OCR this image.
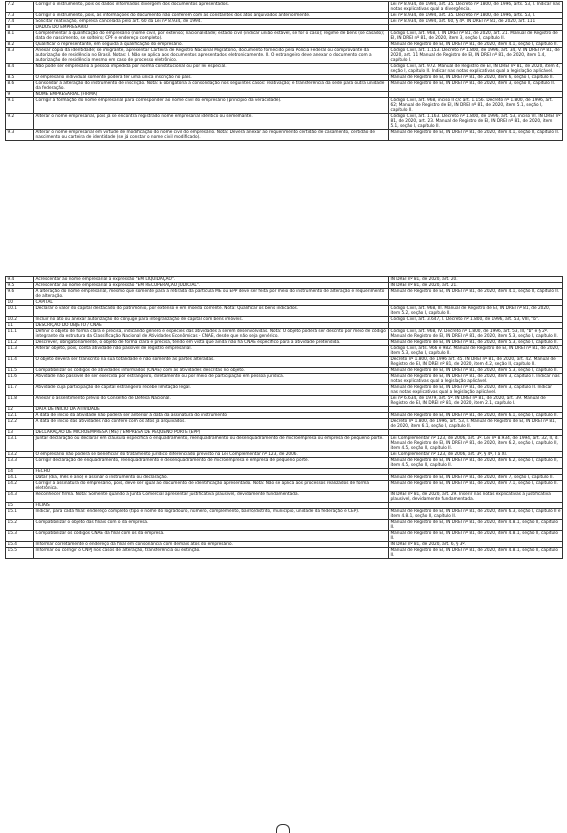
7.2	Corrigir o instrumento, pois os dados informados divergem dos documentos apresentados.	Lei nº 8.934, de 1994, art. 35. Decreto nº 1800, de 1996, arts. 53, I. Indicar nas notas explicativas qual a divergência.
7.3	Corrigir o instrumento, pois, as informações do documento não conferem com as constantes dos atos arquivados anteriormente.	Lei nº 8.934, de 1994, art. 35. Decreto nº 1800, de 1996, arts. 53, I.
7.4	Solicitar reativação, empresa cancelada pelo art. 60 da Lei nº 8.934, de 1994.	Lei nº 8.934, de 1994, art. 60, § 4º. IN DREI nº 81, de 2020, art. 111
8	DADOS DO EMPRESÁRIO	
8.1	Complementar a qualificação do empresário (nome civil, por extenso; nacionalidade; estado civil (indicar união estável, se for o caso); regime de bens (se casado); data de nascimento, se solteiro; CPF e endereço completo).	Código Civil, art. 968, I. IN DREI nº 81, de 2020, art. 21. Manual de Registro de EI, IN DREI nº 81, de 2020, item 3, seção I, capítulo II.
8.2	Qualificar o representante, em seguida à qualificação do empresário.	Manual de Registro de EI, IN DREI nº 81, de 2020, item 4.1, seção I, capítulo II.
8.3	Anexar cópia da identidade; se imigrante, apresentar Carteira de Registro Nacional Migratório, documento fornecido pela Polícia Federal ou comprovante da autorização de residência no Brasil. Notas: I. Não se aplica aos documentos apresentados eletronicamente. II. O estrangeiro deve anexar o documento com a autorização de residência mesmo em caso de processo eletrônico.	Código Civil, art. 1.153. Decreto nº 1.800, de 1996, art. 34, V. IN DREI nº 81, de 2020, art. 11 Manual de Registro de EI, IN DREI nº 81, de 2020, item 1.4, capítulo I.
8.4	Não pode ser empresário a pessoa impedida por norma constitucional ou por lei especial.	Código Civil, art. 972. Manual de Registro de EI, IN DREI nº 81, de 2020, item 4, seção I, capítulo II. Indicar nas notas explicativas qual a legislação aplicável.
8.5	O empresário individual somente poderá ter uma única inscrição no país.	Manual de Registro de EI, IN DREI nº 81, de 2020, item 6, seção I, capítulo II.
8.6	Consolidar a alteração do instrumento de inscrição. Nota: É obrigatória a consolidação nos seguintes casos: reativação; e transferência da sede para outra unidade da federação.	Manual de Registro de EI, IN DREI nº 81, de 2020, item 3, seção II, capítulo II.
9	NOME EMPRESARIAL (FIRMA)	
9.1	Corrigir a formação do nome empresarial para corresponder ao nome civil do empresário (princípio da veracidade).	Código Civil, art. 968, inciso II c/c art. 1.156. Decreto nº 1.800, de 1996, art. 62; Manual de Registro de EI, IN DREI nº 81, de 2020, item 5.1, seção I, capítulo II.
9.2	Alterar o nome empresarial, pois já se encontra registrado nome empresarial idêntico ou semelhante.	Código Civil, art. 1.163. Decreto nº 1.800, de 1996, art. 53, inciso VI. IN DREI nº 81, de 2020, art. 23. Manual de Registro de EI, IN DREI nº 81, de 2020, item 5.1, seção I, capítulo II.
9.3	Alterar o nome empresarial em virtude de modificação do nome civil do empresário. Nota: Deverá anexar ao requerimento certidão de casamento, certidão de nascimento ou carteira de identidade (se já constar o nome civil modificado).	Manual de Registro de EI, IN DREI nº 81, de 2020, item 4.1, seção II, capítulo II.
9.4	Acrescentar ao nome empresarial a expressão "EM LIQUIDAÇÃO".	IN DREI nº 81, de 2020, art. 20.
9.5	Acrescentar ao nome empresarial a expressão "EM RECUPERAÇÃO JUDICIAL".	IN DREI nº 81, de 2020, art. 21.
9.6	A alteração do nome empresarial, mesmo que somente para a retirada da partícula ME ou EPP deve ser feita por meio do instrumento de alteração e requerimento de alteração.	Manual de Registro de EI, IN DREI nº 81, de 2020, item 4.1, seção II, capítulo II.
10	CAPITAL	
10.1	Declarar o valor do capital destacado do patrimônio, por extenso e em moeda corrente. Nota: Qualificar os bens indicados.	Código Civil, art. 968, III. Manual de Registro de EI, IN DREI nº 81, de 2020, item 5.2, seção I, capítulo II.
10.2	Incluir no ato ou anexar autorização do cônjuge para integralização de capital com bens imóveis.	Código Civil, art. 3.647, I. Decreto nº 1.800, de 1996, art. 53, VIII, "b".
11	DESCRIÇÃO DO OBJETO / CNAE	
11.1	Definir o objeto de forma clara e precisa, indicando gênero e espécies das atividades a serem desenvolvidas. Nota: O objeto poderá ser descrito por meio de código integrante da estrutura da Classificação Nacional de Atividades Econômicas - CNAE, desde que não seja genérico.	Código Civil, art. 968, IV. Decreto nº 1.800, de 1996, art. 53, III, "b" e § 2º. Manual de Registro de EI, IN DREI nº 81, de 2020, item 5.3, seção I, capítulo II.
11.2	Descrever, obrigatoriamente, o objeto de forma clara e precisa, tendo em vista que ainda não há CNAE específico para a atividade pretendida.	Manual de Registro de EI, IN DREI nº 81, de 2020, item 5.3, seção I, capítulo II.
11.3	Alterar objeto, pois, conta atividade não passível de registro empresarial.	Código Civil, arts. 966 e 982. Manual de Registro de EI, IN DREI nº 81, de 2020, item 5.3, seção I, capítulo II.
11.4	O objeto deverá ser transcrito na sua totalidade e não somente as partes alteradas.	Decreto nº 1.800, de 1996 art. 45. IN DREI nº 81, de 2020, art. 42. Manual de Registro de EI, IN DREI nº 81, de 2020, item 4.2, seção II, capítulo II.
11.5	Compatibilizar os códigos de atividades informados (CNAE) com as atividades descritas no objeto.	Manual de Registro de EI, IN DREI nº 81, de 2020, item 5.3, seção I, capítulo II.
11.6	Atividade não passível de ser exercida por estrangeiro, diretamente ou por meio de participação em pessoa jurídica.	Manual de Registro de EI, IN DREI nº 81, de 2020, item 3, capítulo I. Indicar nas notas explicativas qual a legislação aplicável.
11.7	Atividade cuja participação de capital estrangeiro recebe limitação legal.	Manual de Registro de EI, IN DREI nº 81, de 2020, item 3, capítulo II. Indicar nas notas explicativas qual a legislação aplicável.
11.8	Anexar o assentimento prévio do Conselho de Defesa Nacional.	Lei nº 6.634, de 1979, art. 5º. IN DREI nº 81, de 2020, art. 39. Manual de Registro de EI, IN DREI nº 81, de 2020, item 2.1, capítulo I.
12	DATA DE INÍCIO DA ATIVIDADE	
12.1	A data de início da atividade não poderá ser anterior à data da assinatura do instrumento	Manual de Registro de EI, IN DREI nº 81, de 2020, item 6.1, seção I, capítulo II.
12.2	A data de início das atividades não confere com os atos já arquivados.	Decreto nº 1.800, de 1996, art. 53, I. Manual de Registro de EI, IN DREI nº 81, de 2020, item 6.1, seção I, capítulo II.
13	DECLARAÇÃO DE MICROEMPRESA (ME) / EMPRESA DE PEQUENO PORTE (EPP)	
13.1	Juntar declaração ou declarar em cláusula específica o enquadramento, reenquadramento ou desenquadramento de microempresa ou empresa de pequeno porte.	Lei Complementar nº 123, de 2006, art. 3º. Lei nº 8.934, de 1994, art. 32, II, d. Manual de Registro de EI, IN DREI nº 81, de 2020, item 6.2, seção I, capítulo II, item 4.5, seção II, capítulo II.
13.2	O empresário não poderá se beneficiar do tratamento jurídico diferenciado previsto na Lei Complementar nº 123, de 2006.	Lei Complementar nº 123, de 2006, art. 3º, § 4º, I a XI.
13.3	Corrigir declaração de enquadramento, reenquadramento e desenquadramento de microempresa e empresa de pequeno porte.	Manual de Registro de EI, IN DREI nº 81, de 2020, item 6.2, seção I, capítulo II, item 4.5, seção II, capítulo II.
14	FECHO	
14.1	Datar (dia, mês e ano) e assinar o instrumento ou declaração.	Manual de Registro de EI, IN DREI nº 81, de 2020, item 7, seção I, capítulo II.
14.2	Corrigir a assinatura do empresário, pois, deve ser igual ao documento de identificação apresentado. Nota: Não se aplica aos processos realizados de forma eletrônica.	Manual de Registro de EI, IN DREI nº 81, de 2020, item 7.1, seção I, capítulo II.
14.3	Reconhecer firma. Nota: Somente quando a Junta Comercial apresentar justificativa plausível, devidamente fundamentada.	IN DREI nº 81, de 2020, art. 29. Inserir nas notas explicativas a justificativa plausível, devidamente fundamentada.
15	FILIAIS	
15.1	Indicar, para cada filial: endereço completo (tipo e nome do logradouro, número, complemento, bairro/distrito, município, unidade da federação e CEP).	Manual de Registro de EI, IN DREI nº 81, de 2020, item 6.3, seção I, capítulo II e item 4.8.1, seção II, capítulo II.
15.2	Compatibilizar o objeto das filiais com o da empresa.	Manual de Registro de EI, IN DREI nº 81, de 2020, item 4.8.1, seção II, capítulo II.
15.3	Compatibilizar os códigos CNAE da filial com os da empresa.	Manual de Registro de EI, IN DREI nº 81, de 2020, item 4.8.1, seção II, capítulo II.
15.4	Informar corretamente o endereço da filial em consonância com demais atos do empresário.	IN DREI nº 81, de 2020, art. 6, § 3º.
15.5	Informar ou corrigir o CNPJ nos casos de alteração, transferência ou extinção.	Manual de Registro de EI, IN DREI nº 81, de 2020, item 4.8.1, seção II, capítulo II.
